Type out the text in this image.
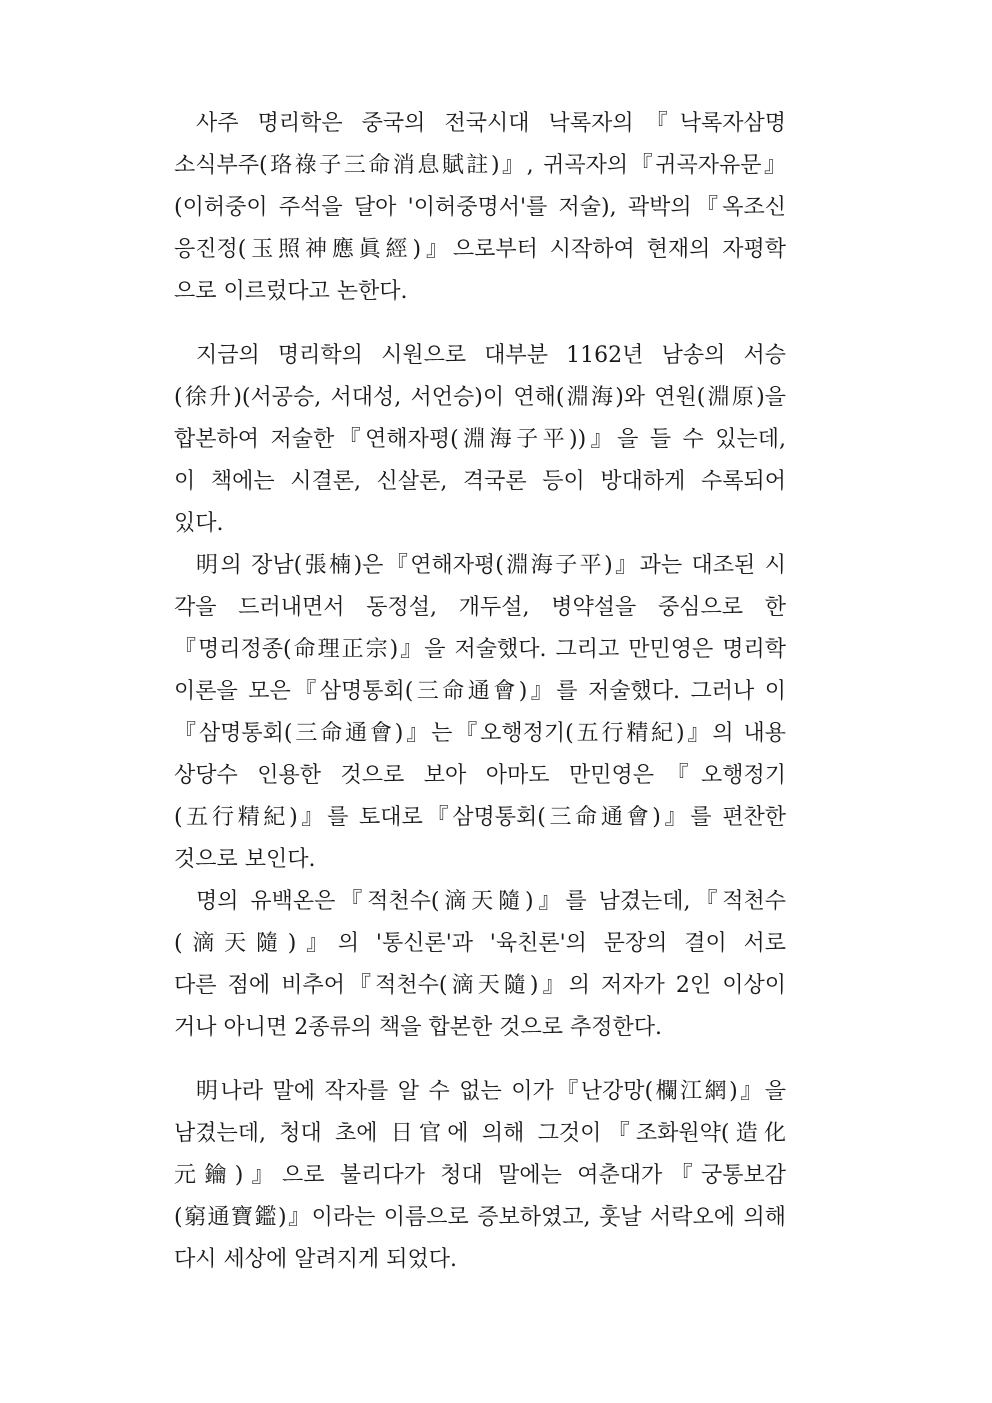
사주 명리학은 중국의 전국시대 낙록자의『낙록자삼명
소식부주(珞祿子三命消息賦註)』, 귀곡자의『귀곡자유문』
(이허중이 주석을 달아 '이허중명서'를 저술), 곽박의『옥조신
응진정(玉照神應眞經)』으로부터 시작하여 현재의 자평학
으로 이르렀다고 논한다.
지금의 명리학의 시원으로 대부분 1162년 남송의 서승
(徐升)(서공승, 서대성, 서언승)이 연해(淵海)와 연원(淵原)을
합본하여 저술한『연해자평(淵海子平))』을 들 수 있는데,
이 책에는 시결론, 신살론, 격국론 등이 방대하게 수록되어
있다.
明의 장남(張楠)은『연해자평(淵海子平)』과는 대조된 시
각을 드러내면서 동정설, 개두설, 병약설을 중심으로 한
『명리정종(命理正宗)』을 저술했다. 그리고 만민영은 명리학
이론을 모은『삼명통회(三命通會)』를 저술했다. 그러나 이
『삼명통회(三命通會)』는『오행정기(五行精紀)』의 내용
상당수 인용한 것으로 보아 아마도 만민영은『오행정기
(五行精紀)』를 토대로『삼명통회(三命通會)』를 편찬한
것으로 보인다.
명의 유백온은『적천수(滴天隨)』를 남겼는데,『적천수
(滴天隨)』의 '통신론'과 '육친론'의 문장의 결이 서로
다른 점에 비추어『적천수(滴天隨)』의 저자가 2인 이상이
거나 아니면 2종류의 책을 합본한 것으로 추정한다.
明나라 말에 작자를 알 수 없는 이가『난강망(欄江網)』을
남겼는데, 청대 초에 日官에 의해 그것이『조화원약(造化
元鑰)』으로 불리다가 청대 말에는 여춘대가『궁통보감
(窮通寶鑑)』이라는 이름으로 증보하였고, 훗날 서락오에 의해
다시 세상에 알려지게 되었다.
